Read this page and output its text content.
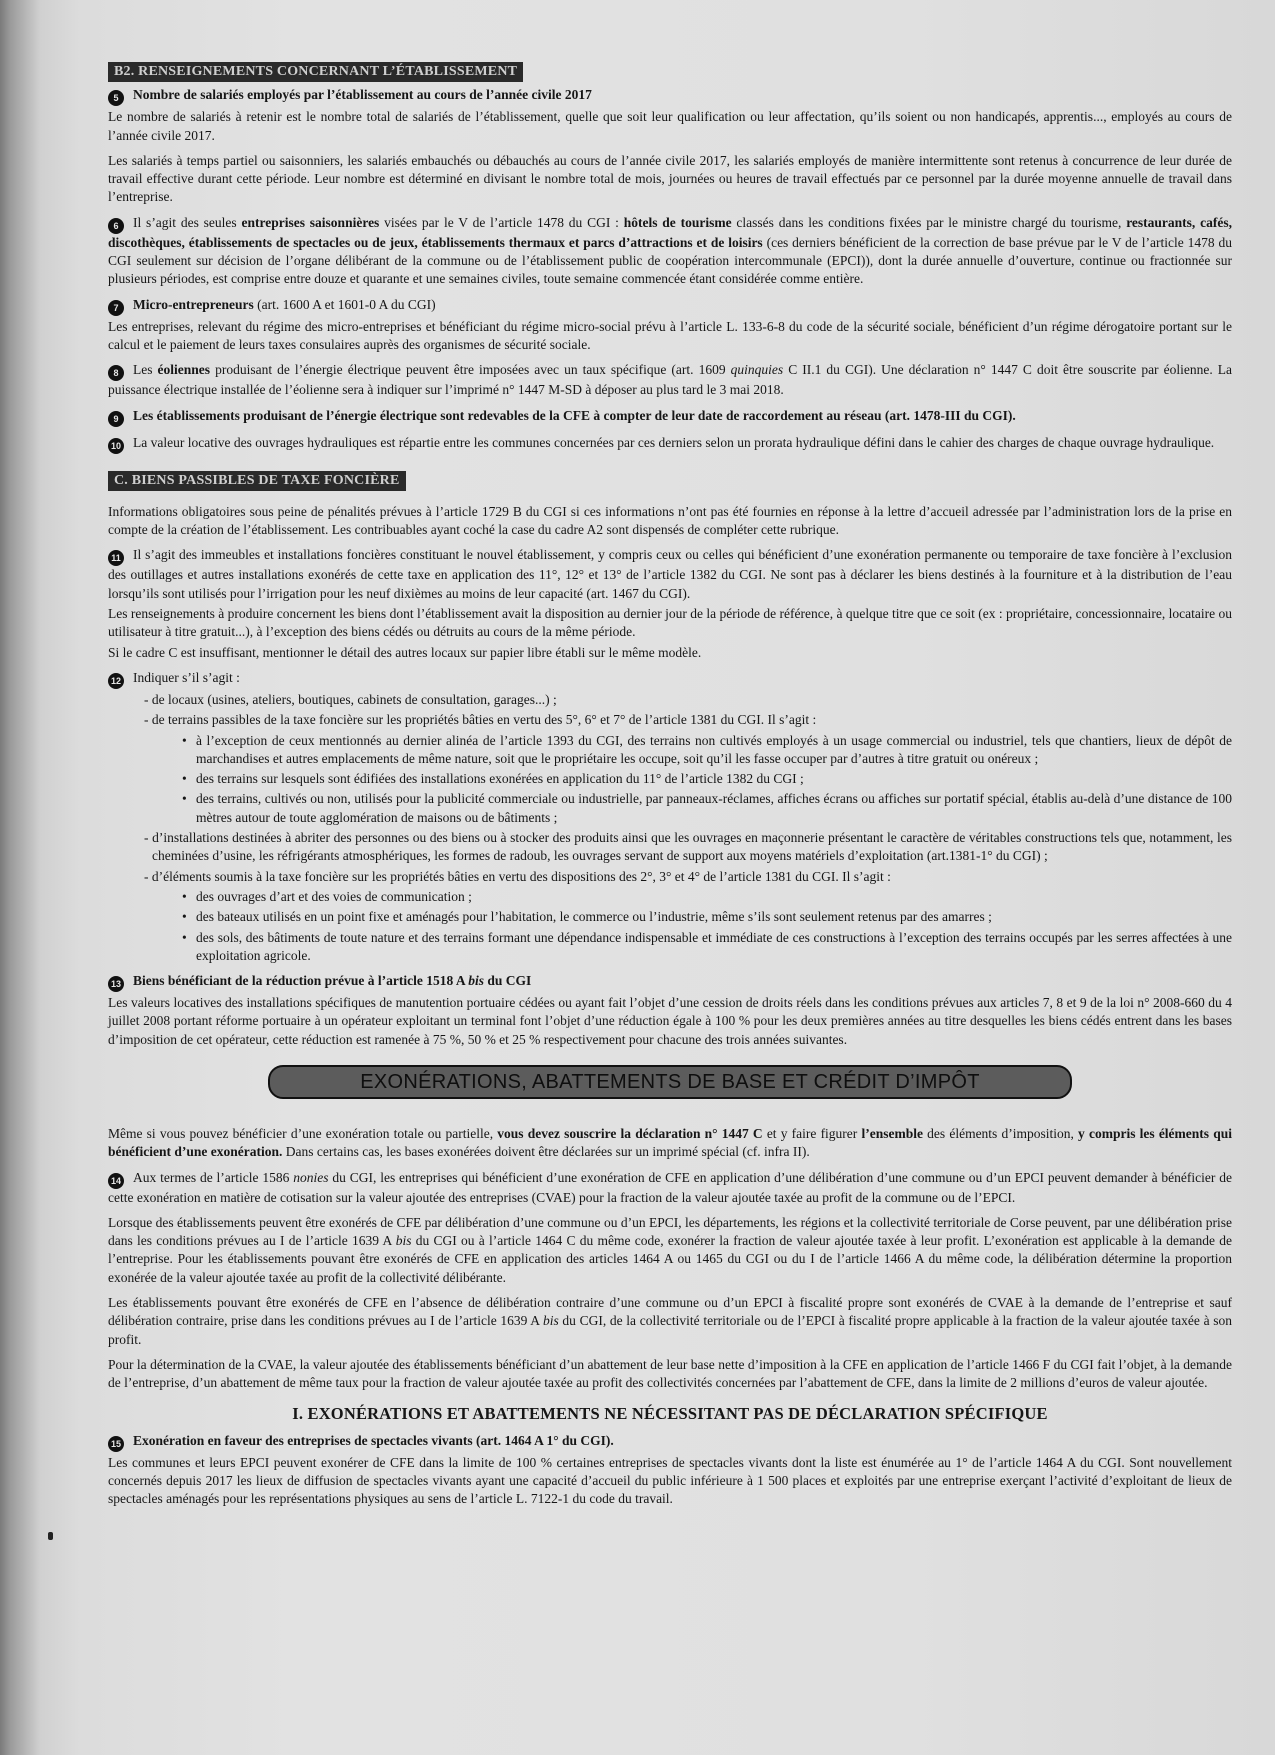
B2. RENSEIGNEMENTS CONCERNANT L’ÉTABLISSEMENT

5 Nombre de salariés employés par l’établissement au cours de l’année civile 2017

Le nombre de salariés à retenir est le nombre total de salariés de l’établissement, quelle que soit leur qualification ou leur affectation, qu’ils soient ou non handicapés, apprentis..., employés au cours de l’année civile 2017.

Les salariés à temps partiel ou saisonniers, les salariés embauchés ou débauchés au cours de l’année civile 2017, les salariés employés de manière intermittente sont retenus à concurrence de leur durée de travail effective durant cette période. Leur nombre est déterminé en divisant le nombre total de mois, journées ou heures de travail effectués par ce personnel par la durée moyenne annuelle de travail dans l’entreprise.

6 Il s’agit des seules entreprises saisonnières visées par le V de l’article 1478 du CGI : hôtels de tourisme classés dans les conditions fixées par le ministre chargé du tourisme, restaurants, cafés, discothèques, établissements de spectacles ou de jeux, établissements thermaux et parcs d’attractions et de loisirs (ces derniers bénéficient de la correction de base prévue par le V de l’article 1478 du CGI seulement sur décision de l’organe délibérant de la commune ou de l’établissement public de coopération intercommunale (EPCI)), dont la durée annuelle d’ouverture, continue ou fractionnée sur plusieurs périodes, est comprise entre douze et quarante et une semaines civiles, toute semaine commencée étant considérée comme entière.

7 Micro-entrepreneurs (art. 1600 A et 1601-0 A du CGI)

Les entreprises, relevant du régime des micro-entreprises et bénéficiant du régime micro-social prévu à l’article L. 133-6-8 du code de la sécurité sociale, bénéficient d’un régime dérogatoire portant sur le calcul et le paiement de leurs taxes consulaires auprès des organismes de sécurité sociale.

8 Les éoliennes produisant de l’énergie électrique peuvent être imposées avec un taux spécifique (art. 1609 quinquies C II.1 du CGI). Une déclaration n° 1447 C doit être souscrite par éolienne. La puissance électrique installée de l’éolienne sera à indiquer sur l’imprimé n° 1447 M-SD à déposer au plus tard le 3 mai 2018.

9 Les établissements produisant de l’énergie électrique sont redevables de la CFE à compter de leur date de raccordement au réseau (art. 1478-III du CGI).

10 La valeur locative des ouvrages hydrauliques est répartie entre les communes concernées par ces derniers selon un prorata hydraulique défini dans le cahier des charges de chaque ouvrage hydraulique.

C. BIENS PASSIBLES DE TAXE FONCIÈRE

Informations obligatoires sous peine de pénalités prévues à l’article 1729 B du CGI si ces informations n’ont pas été fournies en réponse à la lettre d’accueil adressée par l’administration lors de la prise en compte de la création de l’établissement. Les contribuables ayant coché la case du cadre A2 sont dispensés de compléter cette rubrique.

11 Il s’agit des immeubles et installations foncières constituant le nouvel établissement, y compris ceux ou celles qui bénéficient d’une exonération permanente ou temporaire de taxe foncière à l’exclusion des outillages et autres installations exonérés de cette taxe en application des 11°, 12° et 13° de l’article 1382 du CGI. Ne sont pas à déclarer les biens destinés à la fourniture et à la distribution de l’eau lorsqu’ils sont utilisés pour l’irrigation pour les neuf dixièmes au moins de leur capacité (art. 1467 du CGI).

Les renseignements à produire concernent les biens dont l’établissement avait la disposition au dernier jour de la période de référence, à quelque titre que ce soit (ex : propriétaire, concessionnaire, locataire ou utilisateur à titre gratuit...), à l’exception des biens cédés ou détruits au cours de la même période.

Si le cadre C est insuffisant, mentionner le détail des autres locaux sur papier libre établi sur le même modèle.

12 Indiquer s’il s’agit :

- de locaux (usines, ateliers, boutiques, cabinets de consultation, garages...) ;
- de terrains passibles de la taxe foncière sur les propriétés bâties en vertu des 5°, 6° et 7° de l’article 1381 du CGI. Il s’agit :
• à l’exception de ceux mentionnés au dernier alinéa de l’article 1393 du CGI, des terrains non cultivés employés à un usage commercial ou industriel, tels que chantiers, lieux de dépôt de marchandises et autres emplacements de même nature, soit que le propriétaire les occupe, soit qu’il les fasse occuper par d’autres à titre gratuit ou onéreux ;
• des terrains sur lesquels sont édifiées des installations exonérées en application du 11° de l’article 1382 du CGI ;
• des terrains, cultivés ou non, utilisés pour la publicité commerciale ou industrielle, par panneaux-réclames, affiches écrans ou affiches sur portatif spécial, établis au-delà d’une distance de 100 mètres autour de toute agglomération de maisons ou de bâtiments ;
- d’installations destinées à abriter des personnes ou des biens ou à stocker des produits ainsi que les ouvrages en maçonnerie présentant le caractère de véritables constructions tels que, notamment, les cheminées d’usine, les réfrigérants atmosphériques, les formes de radoub, les ouvrages servant de support aux moyens matériels d’exploitation (art.1381-1° du CGI) ;
- d’éléments soumis à la taxe foncière sur les propriétés bâties en vertu des dispositions des 2°, 3° et 4° de l’article 1381 du CGI. Il s’agit :
• des ouvrages d’art et des voies de communication ;
• des bateaux utilisés en un point fixe et aménagés pour l’habitation, le commerce ou l’industrie, même s’ils sont seulement retenus par des amarres ;
• des sols, des bâtiments de toute nature et des terrains formant une dépendance indispensable et immédiate de ces constructions à l’exception des terrains occupés par les serres affectées à une exploitation agricole.

13 Biens bénéficiant de la réduction prévue à l’article 1518 A bis du CGI

Les valeurs locatives des installations spécifiques de manutention portuaire cédées ou ayant fait l’objet d’une cession de droits réels dans les conditions prévues aux articles 7, 8 et 9 de la loi n° 2008-660 du 4 juillet 2008 portant réforme portuaire à un opérateur exploitant un terminal font l’objet d’une réduction égale à 100 % pour les deux premières années au titre desquelles les biens cédés entrent dans les bases d’imposition de cet opérateur, cette réduction est ramenée à 75 %, 50 % et 25 % respectivement pour chacune des trois années suivantes.

EXONÉRATIONS, ABATTEMENTS DE BASE ET CRÉDIT D’IMPÔT

Même si vous pouvez bénéficier d’une exonération totale ou partielle, vous devez souscrire la déclaration n° 1447 C et y faire figurer l’ensemble des éléments d’imposition, y compris les éléments qui bénéficient d’une exonération. Dans certains cas, les bases exonérées doivent être déclarées sur un imprimé spécial (cf. infra II).

14 Aux termes de l’article 1586 nonies du CGI, les entreprises qui bénéficient d’une exonération de CFE en application d’une délibération d’une commune ou d’un EPCI peuvent demander à bénéficier de cette exonération en matière de cotisation sur la valeur ajoutée des entreprises (CVAE) pour la fraction de la valeur ajoutée taxée au profit de la commune ou de l’EPCI.

Lorsque des établissements peuvent être exonérés de CFE par délibération d’une commune ou d’un EPCI, les départements, les régions et la collectivité territoriale de Corse peuvent, par une délibération prise dans les conditions prévues au I de l’article 1639 A bis du CGI ou à l’article 1464 C du même code, exonérer la fraction de valeur ajoutée taxée à leur profit. L’exonération est applicable à la demande de l’entreprise. Pour les établissements pouvant être exonérés de CFE en application des articles 1464 A ou 1465 du CGI ou du I de l’article 1466 A du même code, la délibération détermine la proportion exonérée de la valeur ajoutée taxée au profit de la collectivité délibérante.

Les établissements pouvant être exonérés de CFE en l’absence de délibération contraire d’une commune ou d’un EPCI à fiscalité propre sont exonérés de CVAE à la demande de l’entreprise et sauf délibération contraire, prise dans les conditions prévues au I de l’article 1639 A bis du CGI, de la collectivité territoriale ou de l’EPCI à fiscalité propre applicable à la fraction de la valeur ajoutée taxée à son profit.

Pour la détermination de la CVAE, la valeur ajoutée des établissements bénéficiant d’un abattement de leur base nette d’imposition à la CFE en application de l’article 1466 F du CGI fait l’objet, à la demande de l’entreprise, d’un abattement de même taux pour la fraction de valeur ajoutée taxée au profit des collectivités concernées par l’abattement de CFE, dans la limite de 2 millions d’euros de valeur ajoutée.

I. EXONÉRATIONS ET ABATTEMENTS NE NÉCESSITANT PAS DE DÉCLARATION SPÉCIFIQUE

15 Exonération en faveur des entreprises de spectacles vivants (art. 1464 A 1° du CGI).

Les communes et leurs EPCI peuvent exonérer de CFE dans la limite de 100 % certaines entreprises de spectacles vivants dont la liste est énumérée au 1° de l’article 1464 A du CGI. Sont nouvellement concernés depuis 2017 les lieux de diffusion de spectacles vivants ayant une capacité d’accueil du public inférieure à 1 500 places et exploités par une entreprise exerçant l’activité d’exploitant de lieux de spectacles aménagés pour les représentations physiques au sens de l’article L. 7122-1 du code du travail.
